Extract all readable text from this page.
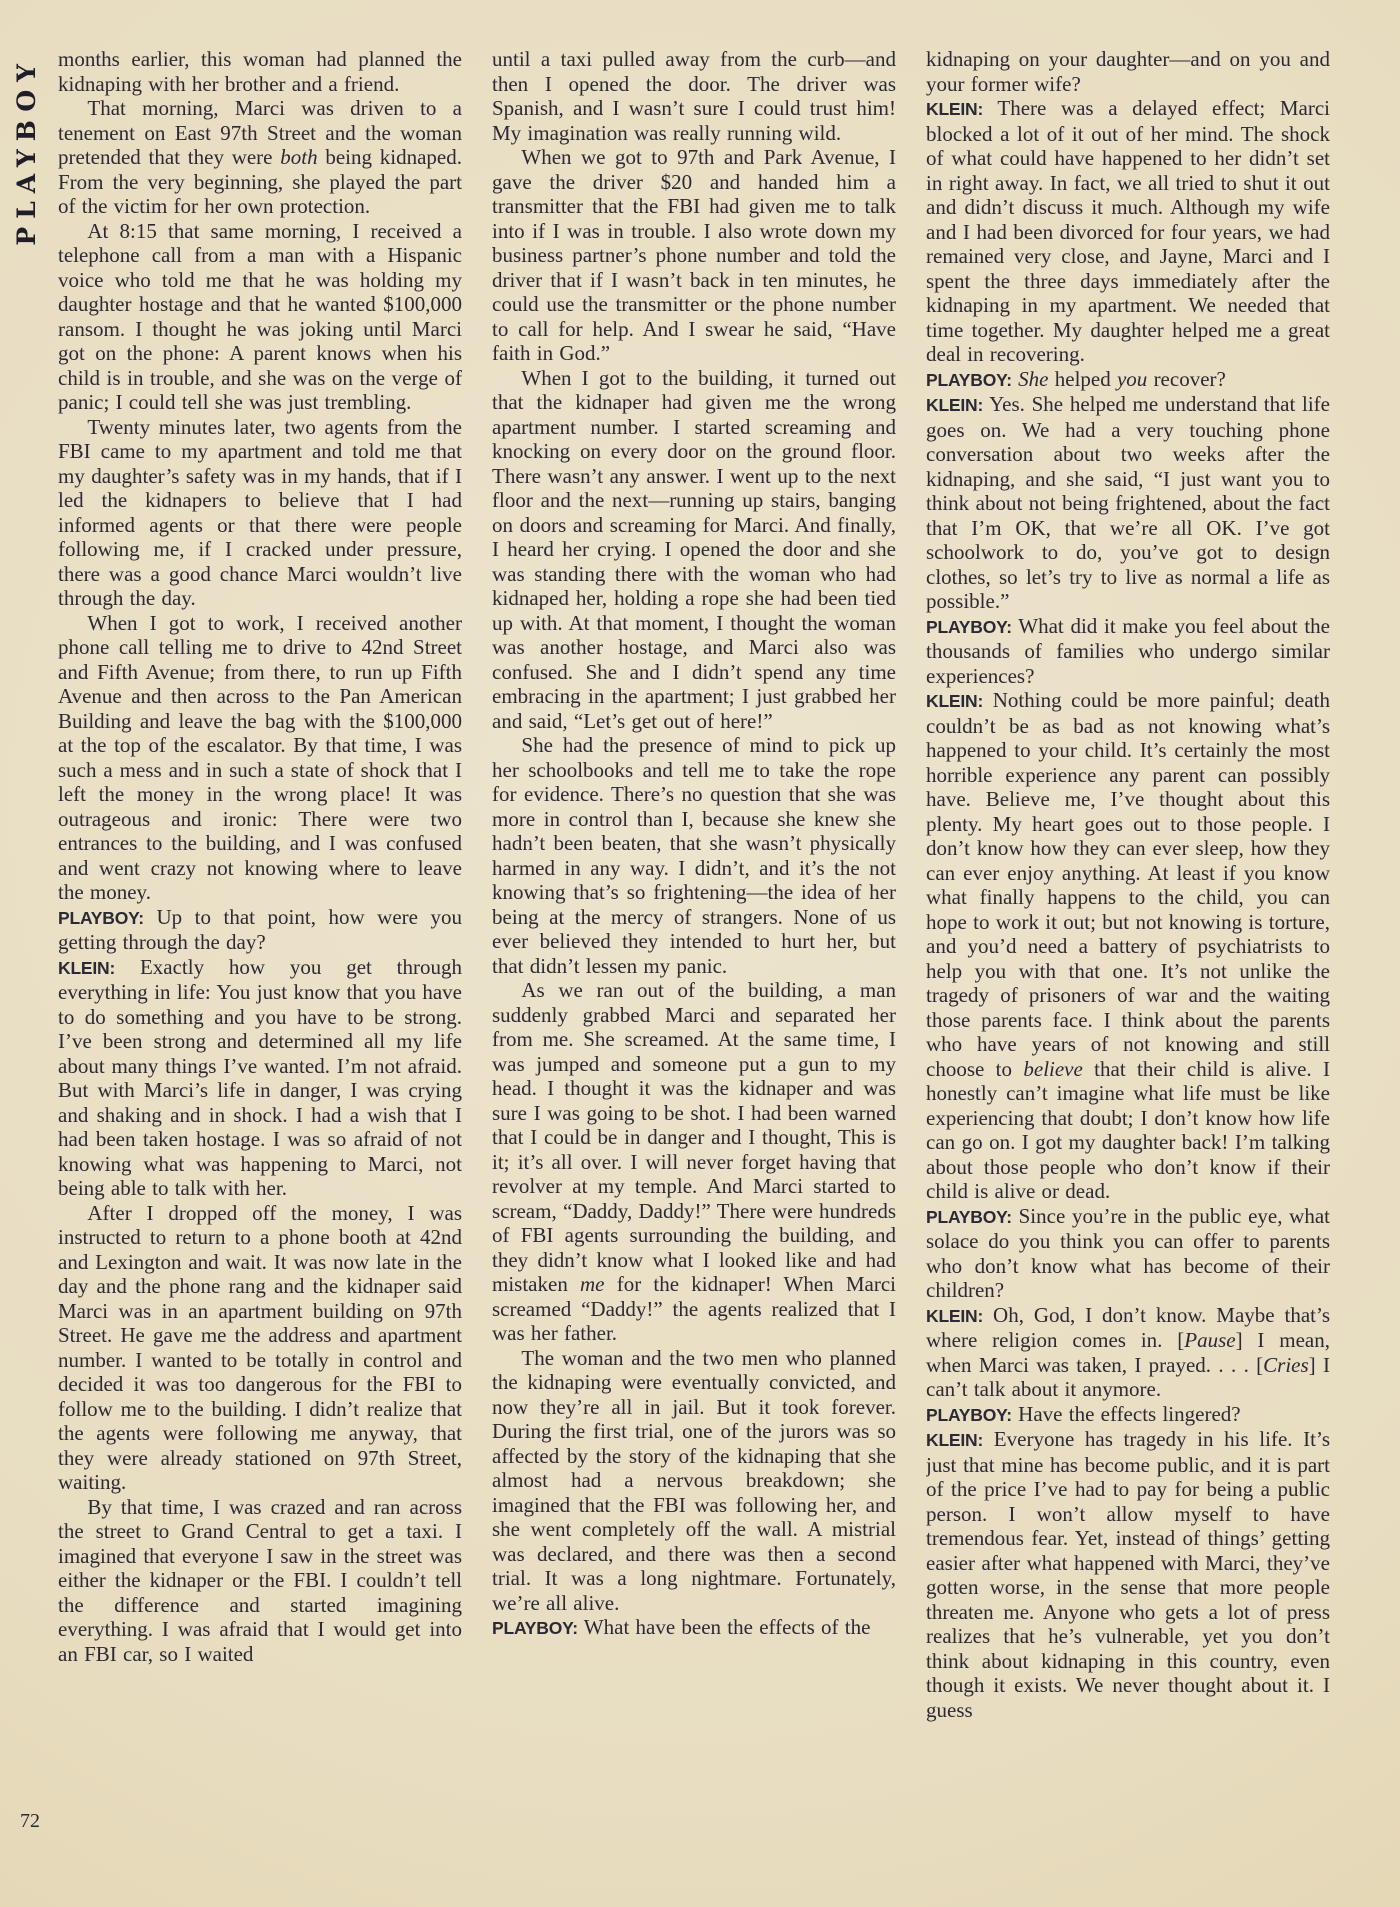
PLAYBOY months earlier, this woman had planned the kidnaping with her brother and a friend.

That morning, Marci was driven to a tenement on East 97th Street and the woman pretended that they were both being kidnaped. From the very beginning, she played the part of the victim for her own protection.

At 8:15 that same morning, I received a telephone call from a man with a Hispanic voice who told me that he was holding my daughter hostage and that he wanted $100,000 ransom. I thought he was joking until Marci got on the phone: A parent knows when his child is in trouble, and she was on the verge of panic; I could tell she was just trembling.

Twenty minutes later, two agents from the FBI came to my apartment and told me that my daughter’s safety was in my hands, that if I led the kidnapers to believe that I had informed agents or that there were people following me, if I cracked under pressure, there was a good chance Marci wouldn’t live through the day.

When I got to work, I received another phone call telling me to drive to 42nd Street and Fifth Avenue; from there, to run up Fifth Avenue and then across to the Pan American Building and leave the bag with the $100,000 at the top of the escalator. By that time, I was such a mess and in such a state of shock that I left the money in the wrong place! It was outrageous and ironic: There were two entrances to the building, and I was confused and went crazy not knowing where to leave the money.

PLAYBOY: Up to that point, how were you getting through the day?

KLEIN: Exactly how you get through everything in life: You just know that you have to do something and you have to be strong. I’ve been strong and determined all my life about many things I’ve wanted. I’m not afraid. But with Marci’s life in danger, I was crying and shaking and in shock. I had a wish that I had been taken hostage. I was so afraid of not knowing what was happening to Marci, not being able to talk with her.

After I dropped off the money, I was instructed to return to a phone booth at 42nd and Lexington and wait. It was now late in the day and the phone rang and the kidnaper said Marci was in an apartment building on 97th Street. He gave me the address and apartment number. I wanted to be totally in control and decided it was too dangerous for the FBI to follow me to the building. I didn’t realize that the agents were following me anyway, that they were already stationed on 97th Street, waiting.

By that time, I was crazed and ran across the street to Grand Central to get a taxi. I imagined that everyone I saw in the street was either the kidnaper or the FBI. I couldn’t tell the difference and started imagining everything. I was afraid that I would get into an FBI car, so I waited

until a taxi pulled away from the curb—and then I opened the door. The driver was Spanish, and I wasn’t sure I could trust him! My imagination was really running wild.

When we got to 97th and Park Avenue, I gave the driver $20 and handed him a transmitter that the FBI had given me to talk into if I was in trouble. I also wrote down my business partner’s phone number and told the driver that if I wasn’t back in ten minutes, he could use the transmitter or the phone number to call for help. And I swear he said, “Have faith in God.”

When I got to the building, it turned out that the kidnaper had given me the wrong apartment number. I started screaming and knocking on every door on the ground floor. There wasn’t any answer. I went up to the next floor and the next—running up stairs, banging on doors and screaming for Marci. And finally, I heard her crying. I opened the door and she was standing there with the woman who had kidnaped her, holding a rope she had been tied up with. At that moment, I thought the woman was another hostage, and Marci also was confused. She and I didn’t spend any time embracing in the apartment; I just grabbed her and said, “Let’s get out of here!”

She had the presence of mind to pick up her schoolbooks and tell me to take the rope for evidence. There’s no question that she was more in control than I, because she knew she hadn’t been beaten, that she wasn’t physically harmed in any way. I didn’t, and it’s the not knowing that’s so frightening—the idea of her being at the mercy of strangers. None of us ever believed they intended to hurt her, but that didn’t lessen my panic.

As we ran out of the building, a man suddenly grabbed Marci and separated her from me. She screamed. At the same time, I was jumped and someone put a gun to my head. I thought it was the kidnaper and was sure I was going to be shot. I had been warned that I could be in danger and I thought, This is it; it’s all over. I will never forget having that revolver at my temple. And Marci started to scream, “Daddy, Daddy!” There were hundreds of FBI agents surrounding the building, and they didn’t know what I looked like and had mistaken me for the kidnaper! When Marci screamed “Daddy!” the agents realized that I was her father.

The woman and the two men who planned the kidnaping were eventually convicted, and now they’re all in jail. But it took forever. During the first trial, one of the jurors was so affected by the story of the kidnaping that she almost had a nervous breakdown; she imagined that the FBI was following her, and she went completely off the wall. A mistrial was declared, and there was then a second trial. It was a long nightmare. Fortunately, we’re all alive.

PLAYBOY: What have been the effects of the

kidnaping on your daughter—and on you and your former wife?

KLEIN: There was a delayed effect; Marci blocked a lot of it out of her mind. The shock of what could have happened to her didn’t set in right away. In fact, we all tried to shut it out and didn’t discuss it much. Although my wife and I had been divorced for four years, we had remained very close, and Jayne, Marci and I spent the three days immediately after the kidnaping in my apartment. We needed that time together. My daughter helped me a great deal in recovering.

PLAYBOY: She helped you recover?

KLEIN: Yes. She helped me understand that life goes on. We had a very touching phone conversation about two weeks after the kidnaping, and she said, “I just want you to think about not being frightened, about the fact that I’m OK, that we’re all OK. I’ve got schoolwork to do, you’ve got to design clothes, so let’s try to live as normal a life as possible.”

PLAYBOY: What did it make you feel about the thousands of families who undergo similar experiences?

KLEIN: Nothing could be more painful; death couldn’t be as bad as not knowing what’s happened to your child. It’s certainly the most horrible experience any parent can possibly have. Believe me, I’ve thought about this plenty. My heart goes out to those people. I don’t know how they can ever sleep, how they can ever enjoy anything. At least if you know what finally happens to the child, you can hope to work it out; but not knowing is torture, and you’d need a battery of psychiatrists to help you with that one. It’s not unlike the tragedy of prisoners of war and the waiting those parents face. I think about the parents who have years of not knowing and still choose to believe that their child is alive. I honestly can’t imagine what life must be like experiencing that doubt; I don’t know how life can go on. I got my daughter back! I’m talking about those people who don’t know if their child is alive or dead.

PLAYBOY: Since you’re in the public eye, what solace do you think you can offer to parents who don’t know what has become of their children?

KLEIN: Oh, God, I don’t know. Maybe that’s where religion comes in. [Pause] I mean, when Marci was taken, I prayed. . . . [Cries] I can’t talk about it anymore.

PLAYBOY: Have the effects lingered?

KLEIN: Everyone has tragedy in his life. It’s just that mine has become public, and it is part of the price I’ve had to pay for being a public person. I won’t allow myself to have tremendous fear. Yet, instead of things’ getting easier after what happened with Marci, they’ve gotten worse, in the sense that more people threaten me. Anyone who gets a lot of press realizes that he’s vulnerable, yet you don’t think about kidnaping in this country, even though it exists. We never thought about it. I guess

72
